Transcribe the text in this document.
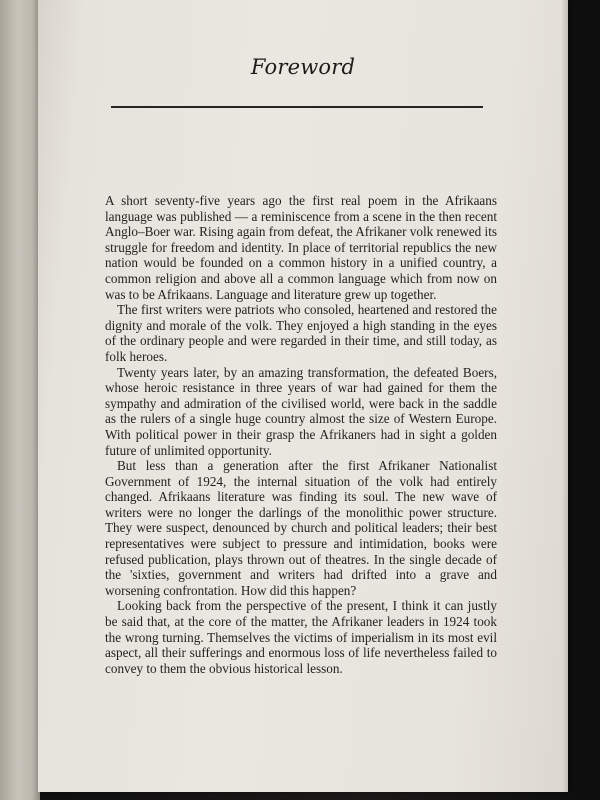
Foreword

A short seventy-five years ago the first real poem in the Afrikaans language was published — a reminiscence from a scene in the then recent Anglo–Boer war. Rising again from defeat, the Afrikaner volk renewed its struggle for freedom and identity. In place of territorial republics the new nation would be founded on a common history in a unified country, a common religion and above all a common language which from now on was to be Afrikaans. Language and literature grew up together.

The first writers were patriots who consoled, heartened and restored the dignity and morale of the volk. They enjoyed a high standing in the eyes of the ordinary people and were regarded in their time, and still today, as folk heroes.

Twenty years later, by an amazing transformation, the defeated Boers, whose heroic resistance in three years of war had gained for them the sympathy and admiration of the civilised world, were back in the saddle as the rulers of a single huge country almost the size of Western Europe. With political power in their grasp the Afrikaners had in sight a golden future of unlimited opportunity.

But less than a generation after the first Afrikaner Nationalist Government of 1924, the internal situation of the volk had entirely changed. Afrikaans literature was finding its soul. The new wave of writers were no longer the darlings of the monolithic power structure. They were suspect, denounced by church and political leaders; their best representatives were subject to pressure and intimidation, books were refused publication, plays thrown out of theatres. In the single decade of the 'sixties, government and writers had drifted into a grave and worsening confrontation. How did this happen?

Looking back from the perspective of the present, I think it can justly be said that, at the core of the matter, the Afrikaner leaders in 1924 took the wrong turning. Themselves the victims of imperialism in its most evil aspect, all their sufferings and enormous loss of life nevertheless failed to convey to them the obvious historical lesson.
